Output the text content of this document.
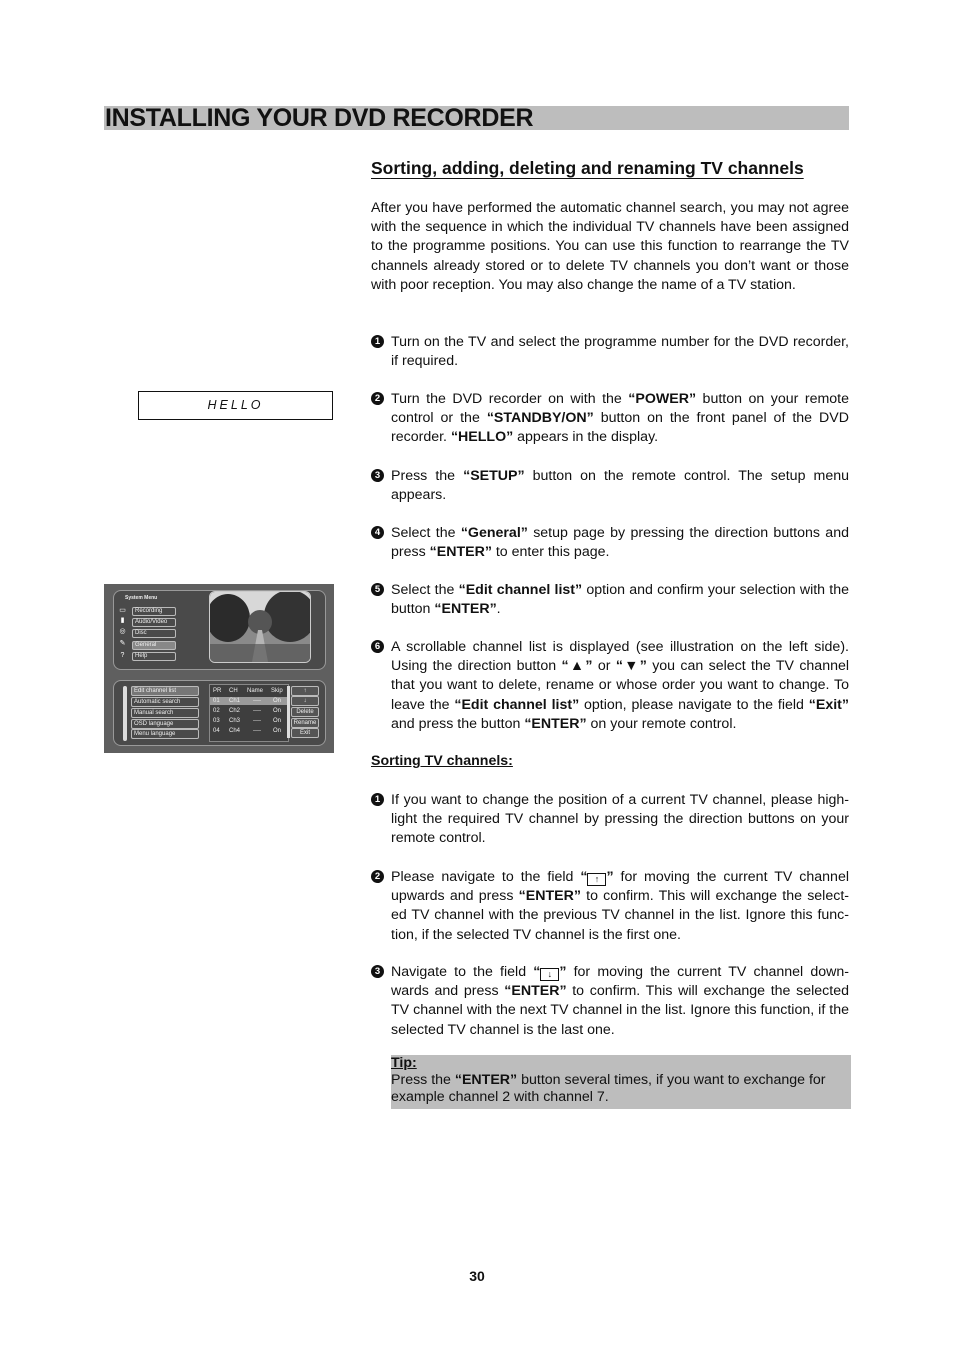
INSTALLING YOUR DVD RECORDER
Sorting, adding, deleting and renaming TV channels
After you have performed the automatic channel search, you may not agree with the sequence in which the individual TV channels have been assigned to the programme positions. You can use this function to rearrange the TV channels already stored or to delete TV channels you don’t want or those with poor reception. You may also change the name of a TV station.
1 Turn on the TV and select the programme number for the DVD recorder, if required.
2 Turn the DVD recorder on with the “POWER” button on your remote control or the “STANDBY/ON” button on the front panel of the DVD recorder. “HELLO” appears in the display.
3 Press the “SETUP” button on the remote control. The setup menu appears.
4 Select the “General” setup page by pressing the direction buttons and press “ENTER” to enter this page.
5 Select the “Edit channel list” option and confirm your selection with the button “ENTER”.
6 A scrollable channel list is displayed (see illustration on the left side). Using the direction button “▲” or “▼” you can select the TV channel that you want to delete, rename or whose order you want to change. To leave the “Edit channel list” option, please navigate to the field “Exit” and press the button “ENTER” on your remote control.
Sorting TV channels:
1 If you want to change the position of a current TV channel, please high-light the required TV channel by pressing the direction buttons on your remote control.
2 Please navigate to the field “ ↑ ” for moving the current TV channel upwards and press “ENTER” to confirm. This will exchange the select-ed TV channel with the previous TV channel in the list. Ignore this func-tion, if the selected TV channel is the first one.
3 Navigate to the field “ ↓ ” for moving the current TV channel down-wards and press “ENTER” to confirm. This will exchange the selected TV channel with the next TV channel in the list. Ignore this function, if the selected TV channel is the last one.
Tip:
Press the “ENTER” button several times, if you want to exchange for example channel 2 with channel 7.
HELLO
System Menu
▭
▮
◎
✎
?
Recording
Audio/Video
Disc
General
Help
Edit channel list
Automatic search
Manual search
OSD language
Menu language
PR CH Name Skip
01 Ch1 ---- On
02 Ch2 ---- On
03 Ch3 ---- On
04 Ch4 ---- On
↑
↓
Delete
Rename
Exit
30
